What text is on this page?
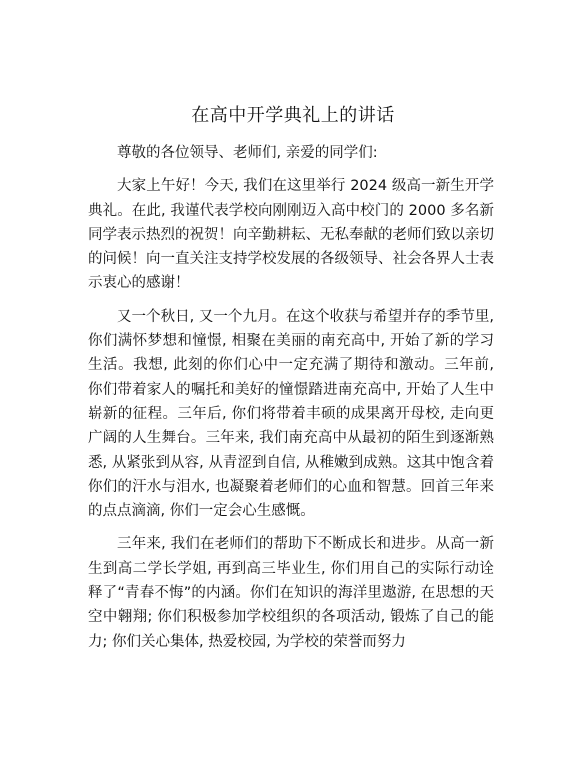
在高中开学典礼上的讲话

尊敬的各位领导、老师们, 亲爱的同学们:

大家上午好！今天, 我们在这里举行 2024 级高一新生开学典礼。在此, 我谨代表学校向刚刚迈入高中校门的 2000 多名新同学表示热烈的祝贺！向辛勤耕耘、无私奉献的老师们致以亲切的问候！向一直关注支持学校发展的各级领导、社会各界人士表示衷心的感谢！

又一个秋日, 又一个九月。在这个收获与希望并存的季节里, 你们满怀梦想和憧憬, 相聚在美丽的南充高中, 开始了新的学习生活。我想, 此刻的你们心中一定充满了期待和激动。三年前, 你们带着家人的嘱托和美好的憧憬踏进南充高中, 开始了人生中崭新的征程。三年后, 你们将带着丰硕的成果离开母校, 走向更广阔的人生舞台。三年来, 我们南充高中从最初的陌生到逐渐熟悉, 从紧张到从容, 从青涩到自信, 从稚嫩到成熟。这其中饱含着你们的汗水与泪水, 也凝聚着老师们的心血和智慧。回首三年来的点点滴滴, 你们一定会心生感慨。

三年来, 我们在老师们的帮助下不断成长和进步。从高一新生到高二学长学姐, 再到高三毕业生, 你们用自己的实际行动诠释了“青春不悔”的内涵。你们在知识的海洋里遨游, 在思想的天空中翱翔; 你们积极参加学校组织的各项活动, 锻炼了自己的能力; 你们关心集体, 热爱校园, 为学校的荣誉而努力
